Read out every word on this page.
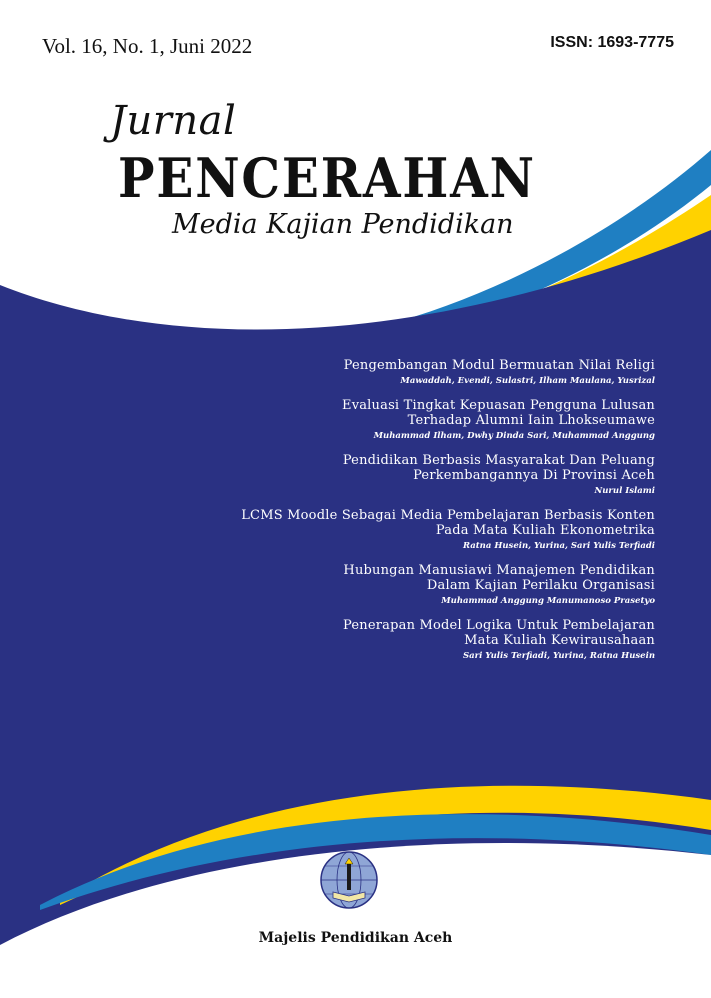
Vol. 16, No. 1, Juni 2022	ISSN: 1693-7775
Jurnal
PENCERAHAN
Media Kajian Pendidikan
Pengembangan Modul Bermuatan Nilai Religi
Mawaddah, Evendi, Sulastri, Ilham Maulana, Yusrizal
Evaluasi Tingkat Kepuasan Pengguna Lulusan
Terhadap Alumni Iain Lhokseumawe
Muhammad Ilham, Dwhy Dinda Sari, Muhammad Anggung
Pendidikan Berbasis Masyarakat Dan Peluang
Perkembangannya Di Provinsi Aceh
Nurul Islami
LCMS Moodle Sebagai Media Pembelajaran Berbasis Konten
Pada Mata Kuliah Ekonometrika
Ratna Husein, Yurina, Sari Yulis Terfiadi
Hubungan Manusiawi Manajemen Pendidikan
Dalam Kajian Perilaku Organisasi
Muhammad Anggung Manumanoso Prasetyo
Penerapan Model Logika Untuk Pembelajaran
Mata Kuliah Kewirausahaan
Sari Yulis Terfiadi, Yurina, Ratna Husein
Majelis Pendidikan Aceh
